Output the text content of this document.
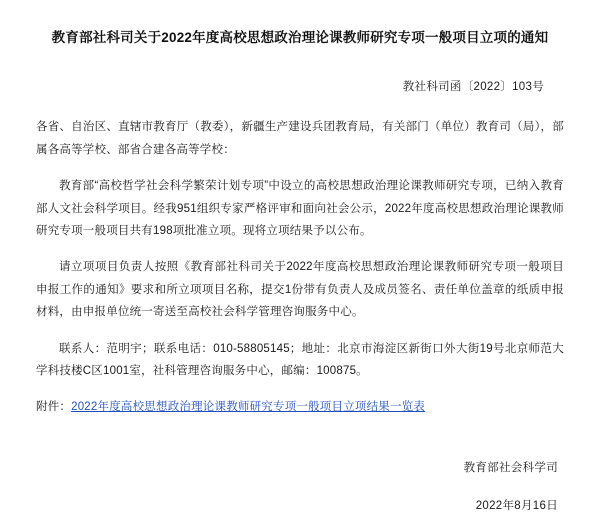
教育部社科司关于2022年度高校思想政治理论课教师研究专项一般项目立项的通知
教社科司函〔2022〕103号

各省、自治区、直辖市教育厅（教委），新疆生产建设兵团教育局，有关部门（单位）教育司（局），部属各高等学校、部省合建各高等学校：

教育部“高校哲学社会科学繁荣计划专项”中设立的高校思想政治理论课教师研究专项，已纳入教育部人文社会科学项目。经我951组织专家严格评审和面向社会公示，2022年度高校思想政治理论课教师研究专项一般项目共有198项批准立项。现将立项结果予以公布。

请立项项目负责人按照《教育部社科司关于2022年度高校思想政治理论课教师研究专项一般项目申报工作的通知》要求和所立项项目名称，提交1份带有负责人及成员签名、责任单位盖章的纸质申报材料，由申报单位统一寄送至高校社会科学管理咨询服务中心。

联系人：范明宇；联系电话：010-58805145；地址：北京市海淀区新街口外大街19号北京师范大学科技楼C区1001室，社科管理咨询服务中心，邮编：100875。

附件：2022年度高校思想政治理论课教师研究专项一般项目立项结果一览表
教育部社会科学司
2022年8月16日
